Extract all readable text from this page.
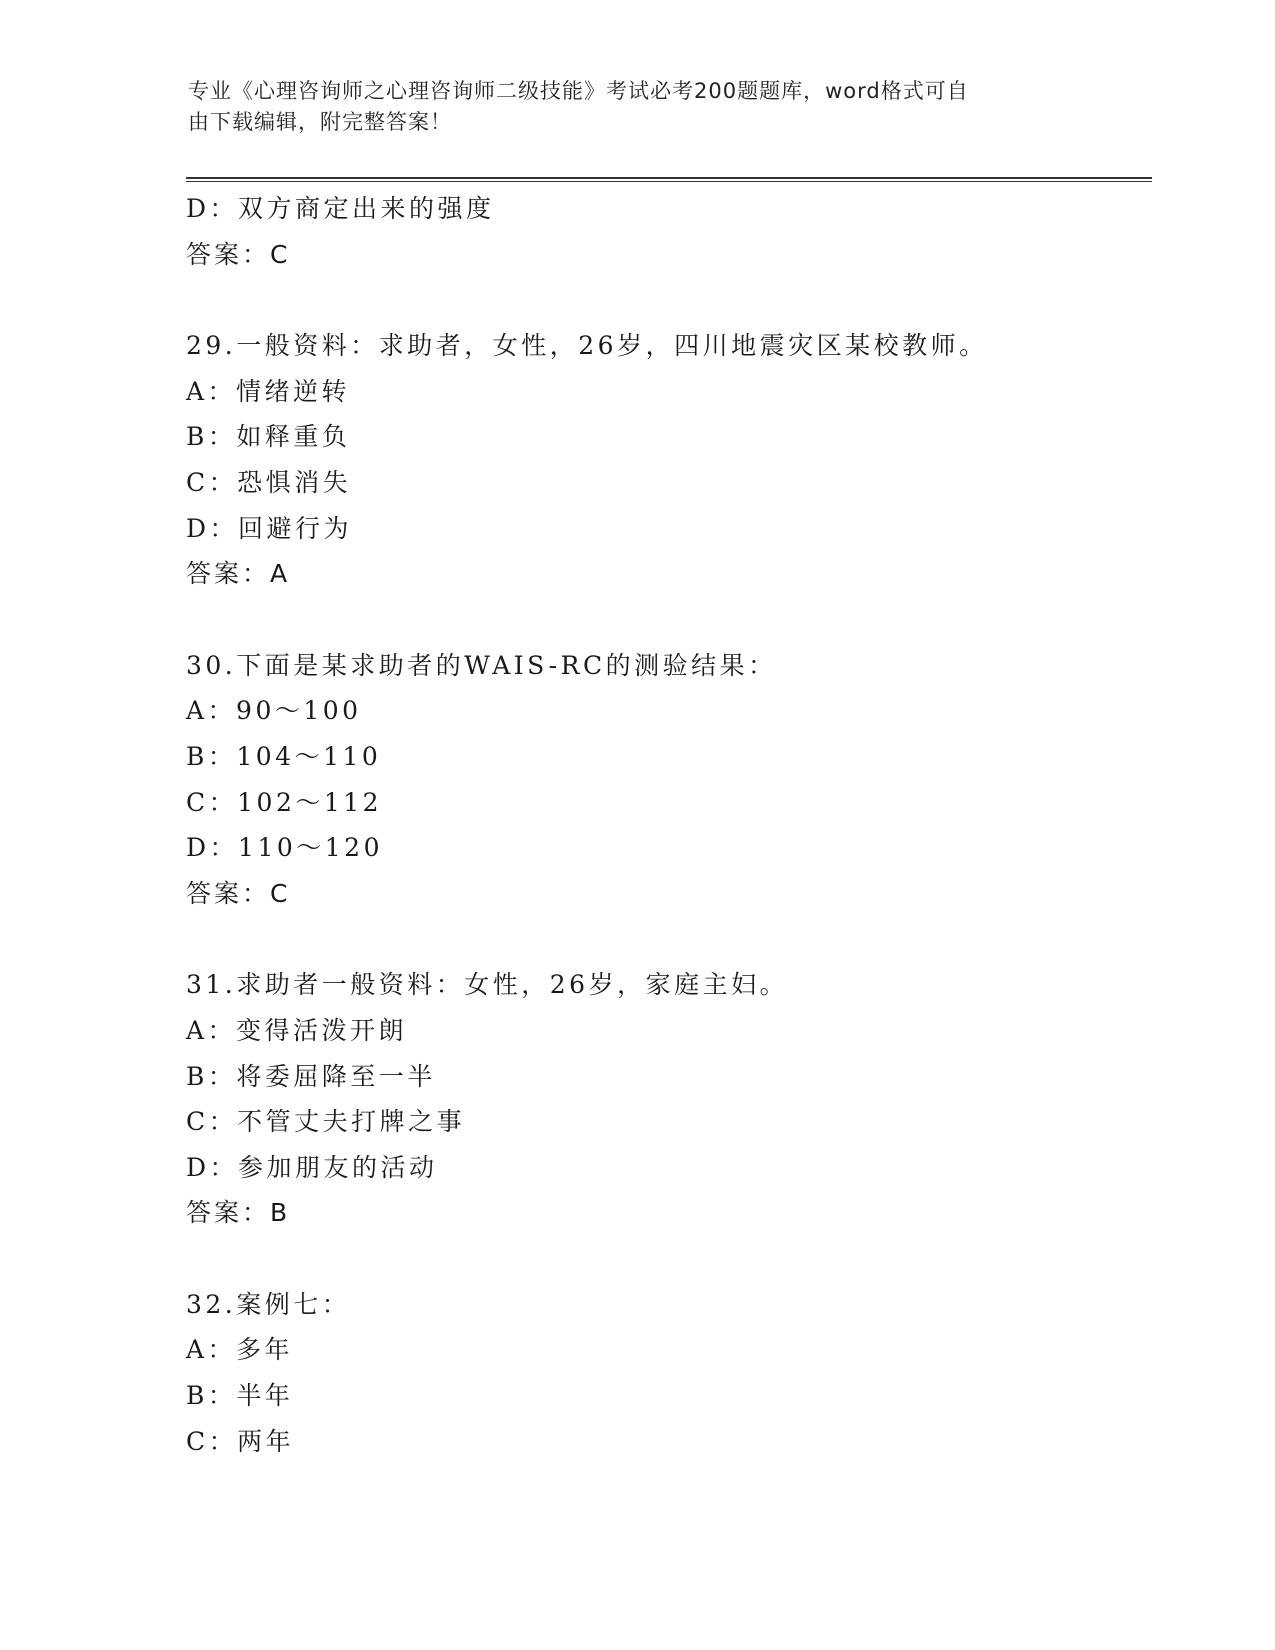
专业《心理咨询师之心理咨询师二级技能》考试必考200题题库，word格式可自
由下载编辑，附完整答案！
D：双方商定出来的强度
答案：C
29.一般资料：求助者，女性，26岁，四川地震灾区某校教师。
A：情绪逆转
B：如释重负
C：恐惧消失
D：回避行为
答案：A
30.下面是某求助者的WAIS-RC的测验结果：
A：90～100
B：104～110
C：102～112
D：110～120
答案：C
31.求助者一般资料：女性，26岁，家庭主妇。
A：变得活泼开朗
B：将委屈降至一半
C：不管丈夫打牌之事
D：参加朋友的活动
答案：B
32.案例七：
A：多年
B：半年
C：两年
